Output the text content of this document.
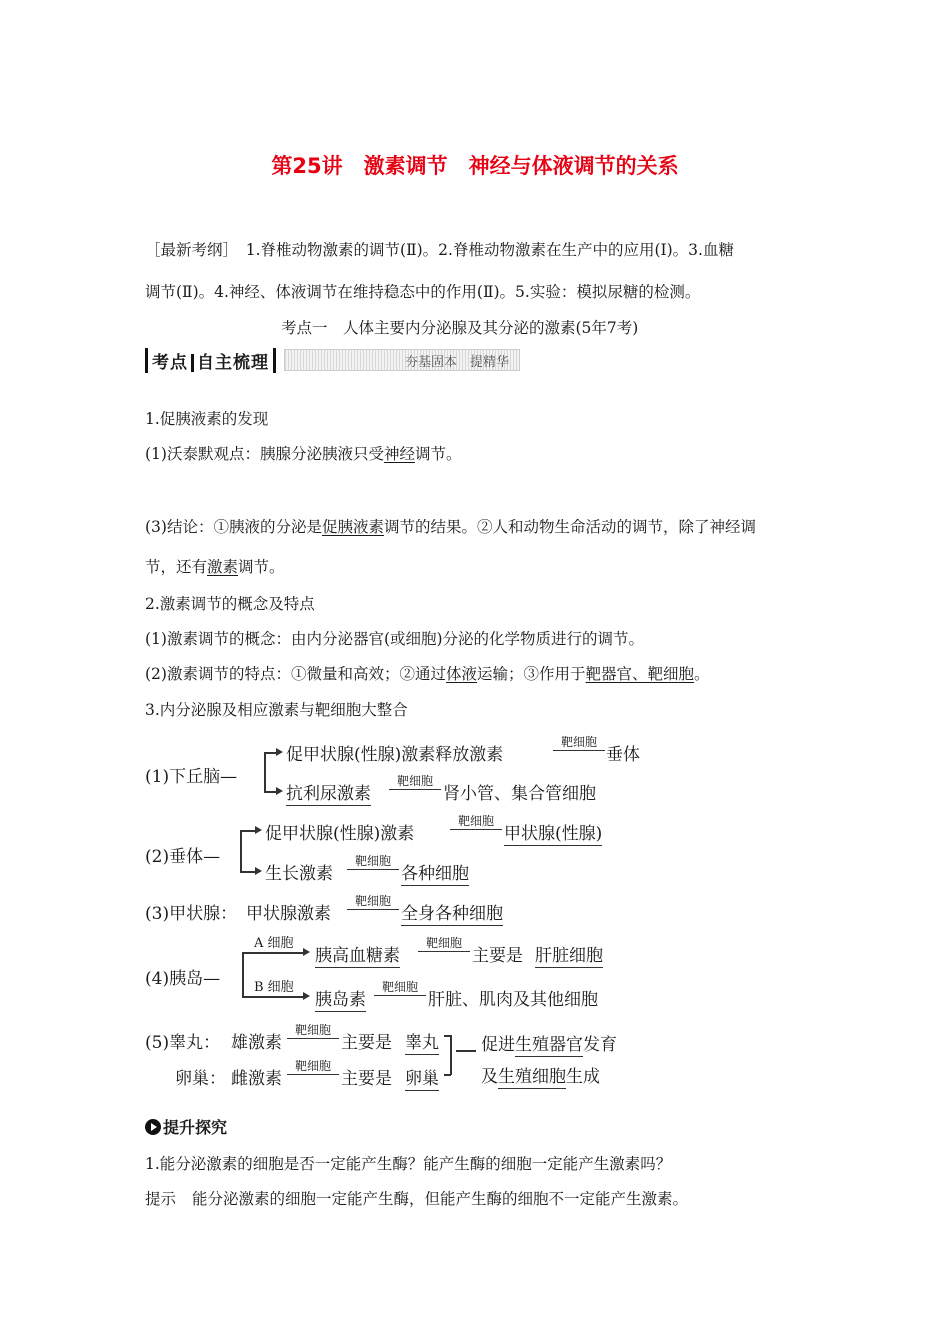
第25讲　激素调节　神经与体液调节的关系
［最新考纲］　1.脊椎动物激素的调节(Ⅱ)。2.脊椎动物激素在生产中的应用(Ⅰ)。3.血糖
调节(Ⅱ)。4.神经、体液调节在维持稳态中的作用(Ⅱ)。5.实验：模拟尿糖的检测。
考点一　人体主要内分泌腺及其分泌的激素(5年7考)
考点 自主梳理	夯基固本　提精华
1.促胰液素的发现
(1)沃泰默观点：胰腺分泌胰液只受神经调节。
(3)结论：①胰液的分泌是促胰液素调节的结果。②人和动物生命活动的调节，除了神经调
节，还有激素调节。
2.激素调节的概念及特点
(1)激素调节的概念：由内分泌器官(或细胞)分泌的化学物质进行的调节。
(2)激素调节的特点：①微量和高效；②通过体液运输；③作用于靶器官、靶细胞。
3.内分泌腺及相应激素与靶细胞大整合
(1)下丘脑—
促甲状腺(性腺)激素释放激素
靶细胞
垂体
抗利尿激素
靶细胞
肾小管、集合管细胞
(2)垂体—
促甲状腺(性腺)激素
靶细胞
甲状腺(性腺)
生长激素
靶细胞
各种细胞
(3)甲状腺： 甲状腺激素
靶细胞
全身各种细胞
(4)胰岛—
A 细胞
B 细胞
胰高血糖素
靶细胞
主要是 肝脏细胞
胰岛素
靶细胞
肝脏、肌肉及其他细胞
(5)睾丸： 雄激素
靶细胞
主要是 睾丸
卵巢： 雌激素
靶细胞
主要是 卵巢
促进生殖器官发育
及生殖细胞生成
提升探究
1.能分泌激素的细胞是否一定能产生酶？能产生酶的细胞一定能产生激素吗？
提示 能分泌激素的细胞一定能产生酶，但能产生酶的细胞不一定能产生激素。
